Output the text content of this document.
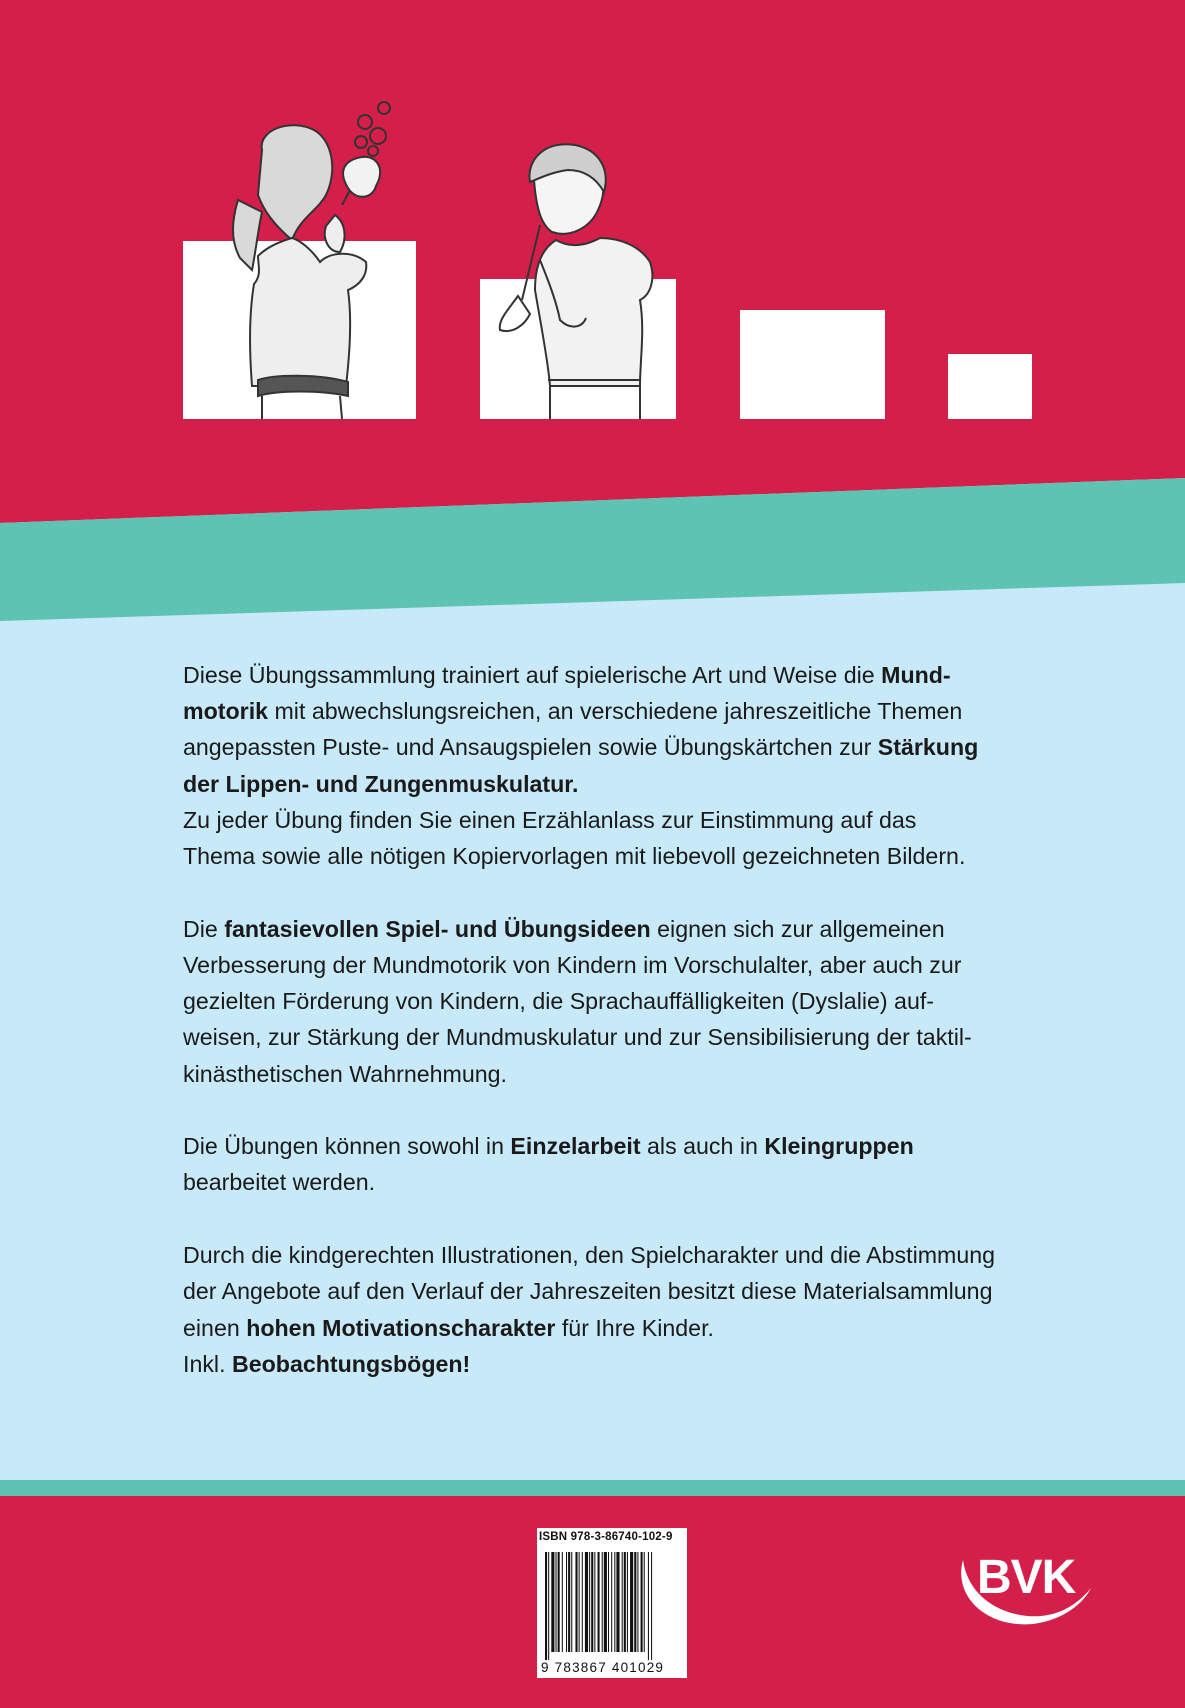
Diese Übungssammlung trainiert auf spielerische Art und Weise die Mund-
motorik mit abwechslungsreichen, an verschiedene jahreszeitliche Themen
angepassten Puste- und Ansaugspielen sowie Übungskärtchen zur Stärkung
der Lippen- und Zungenmuskulatur.
Zu jeder Übung finden Sie einen Erzählanlass zur Einstimmung auf das
Thema sowie alle nötigen Kopiervorlagen mit liebevoll gezeichneten Bildern.

Die fantasievollen Spiel- und Übungsideen eignen sich zur allgemeinen
Verbesserung der Mundmotorik von Kindern im Vorschulalter, aber auch zur
gezielten Förderung von Kindern, die Sprachauffälligkeiten (Dyslalie) auf-
weisen, zur Stärkung der Mundmuskulatur und zur Sensibilisierung der taktil-
kinästhetischen Wahrnehmung.

Die Übungen können sowohl in Einzelarbeit als auch in Kleingruppen
bearbeitet werden.

Durch die kindgerechten Illustrationen, den Spielcharakter und die Abstimmung
der Angebote auf den Verlauf der Jahreszeiten besitzt diese Materialsammlung
einen hohen Motivationscharakter für Ihre Kinder.
Inkl. Beobachtungsbögen!

ISBN 978-3-86740-102-9
9 783867 401029
BVK
